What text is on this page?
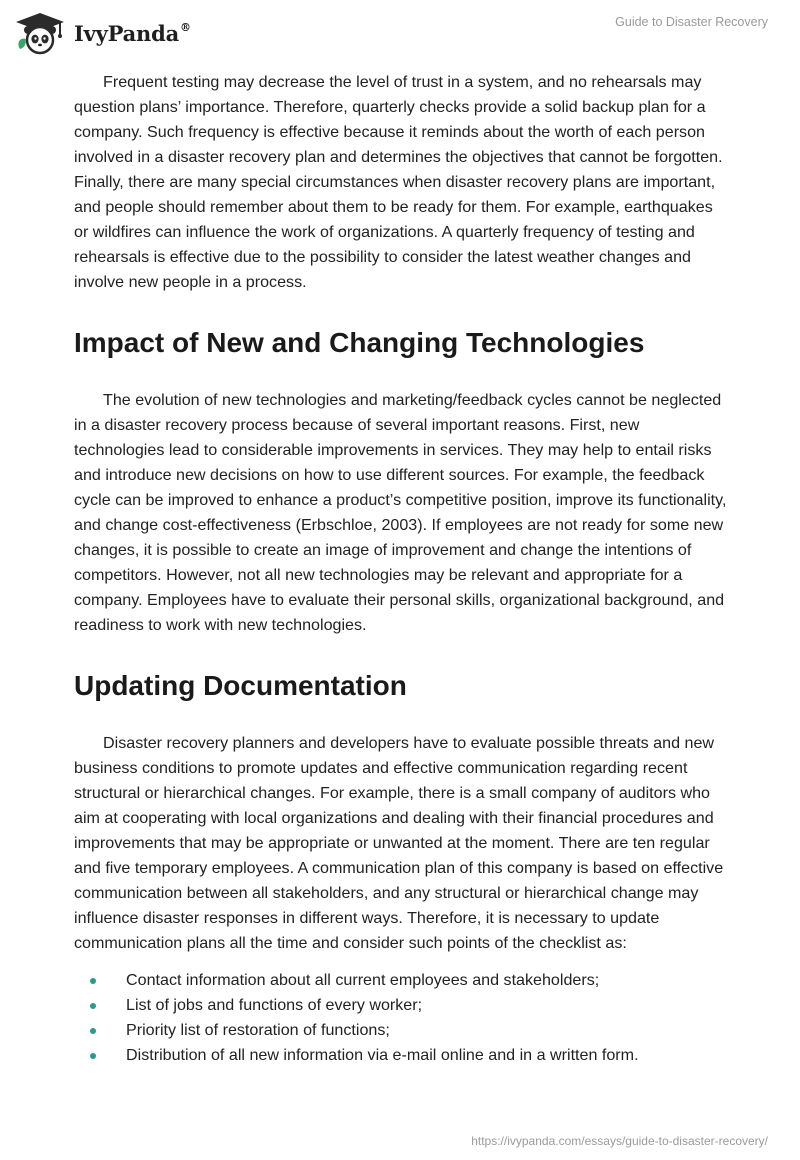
IvyPanda®	Guide to Disaster Recovery

Frequent testing may decrease the level of trust in a system, and no rehearsals may question plans’ importance. Therefore, quarterly checks provide a solid backup plan for a company. Such frequency is effective because it reminds about the worth of each person involved in a disaster recovery plan and determines the objectives that cannot be forgotten. Finally, there are many special circumstances when disaster recovery plans are important, and people should remember about them to be ready for them. For example, earthquakes or wildfires can influence the work of organizations. A quarterly frequency of testing and rehearsals is effective due to the possibility to consider the latest weather changes and involve new people in a process.

Impact of New and Changing Technologies

The evolution of new technologies and marketing/feedback cycles cannot be neglected in a disaster recovery process because of several important reasons. First, new technologies lead to considerable improvements in services. They may help to entail risks and introduce new decisions on how to use different sources. For example, the feedback cycle can be improved to enhance a product’s competitive position, improve its functionality, and change cost-effectiveness (Erbschloe, 2003). If employees are not ready for some new changes, it is possible to create an image of improvement and change the intentions of competitors. However, not all new technologies may be relevant and appropriate for a company. Employees have to evaluate their personal skills, organizational background, and readiness to work with new technologies.

Updating Documentation

Disaster recovery planners and developers have to evaluate possible threats and new business conditions to promote updates and effective communication regarding recent structural or hierarchical changes. For example, there is a small company of auditors who aim at cooperating with local organizations and dealing with their financial procedures and improvements that may be appropriate or unwanted at the moment. There are ten regular and five temporary employees. A communication plan of this company is based on effective communication between all stakeholders, and any structural or hierarchical change may influence disaster responses in different ways. Therefore, it is necessary to update communication plans all the time and consider such points of the checklist as:

Contact information about all current employees and stakeholders;
List of jobs and functions of every worker;
Priority list of restoration of functions;
Distribution of all new information via e-mail online and in a written form.
https://ivypanda.com/essays/guide-to-disaster-recovery/
